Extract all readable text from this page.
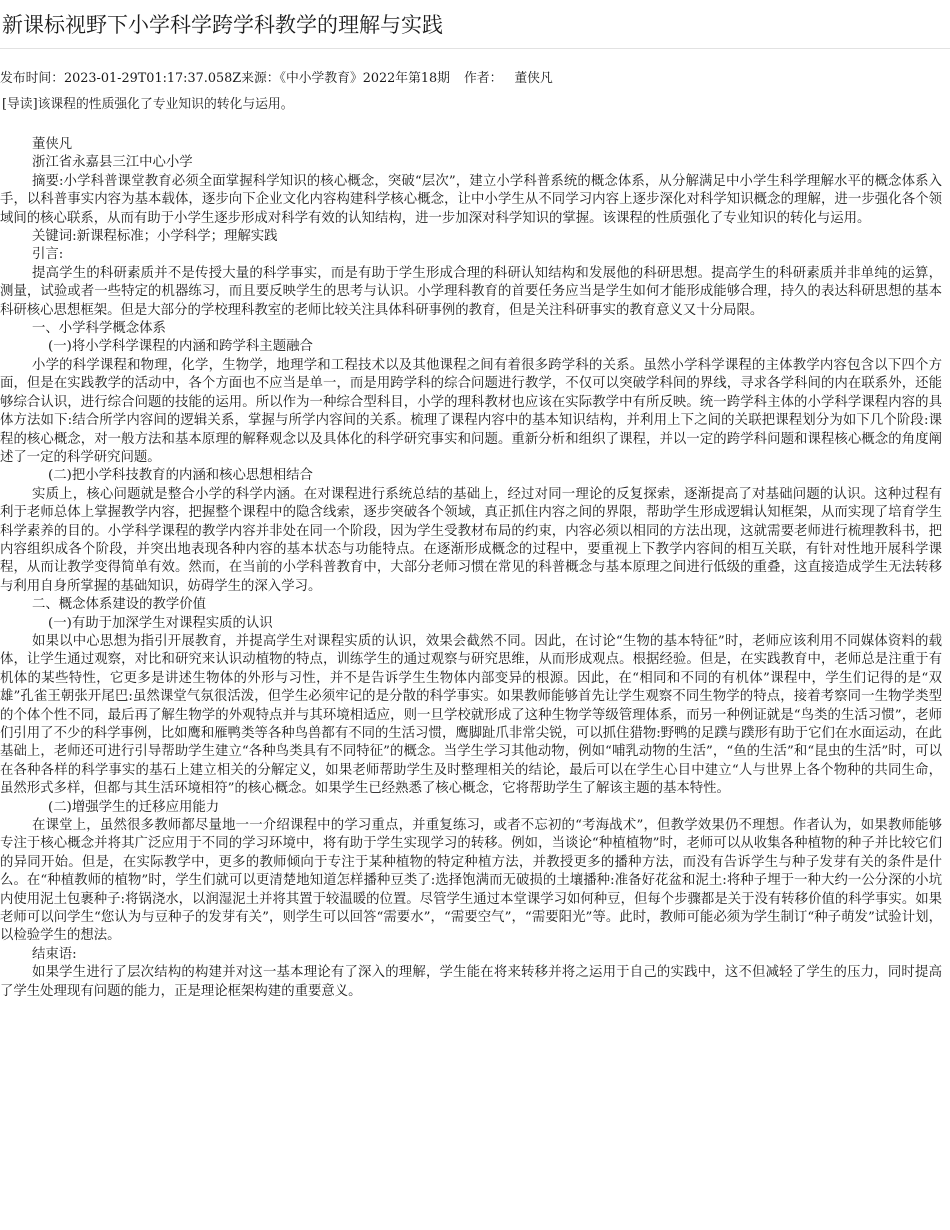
新课标视野下小学科学跨学科教学的理解与实践
发布时间：2023-01-29T01:17:37.058Z来源：《中小学教育》2022年第18期 作者： 董侠凡
[导读]该课程的性质强化了专业知识的转化与运用。

董侠凡

浙江省永嘉县三江中心小学

摘要:小学科普课堂教育必须全面掌握科学知识的核心概念，突破“层次”，建立小学科普系统的概念体系，从分解满足中小学生科学理解水平的概念体系入手，以科普事实内容为基本载体，逐步向下企业文化内容构建科学核心概念，让中小学生从不同学习内容上逐步深化对科学知识概念的理解，进一步强化各个领域间的核心联系，从而有助于小学生逐步形成对科学有效的认知结构，进一步加深对科学知识的掌握。该课程的性质强化了专业知识的转化与运用。

关键词:新课程标准；小学科学；理解实践

引言:

提高学生的科研素质并不是传授大量的科学事实，而是有助于学生形成合理的科研认知结构和发展他的科研思想。提高学生的科研素质并非单纯的运算，测量，试验或者一些特定的机器练习，而且要反映学生的思考与认识。小学理科教育的首要任务应当是学生如何才能形成能够合理，持久的表达科研思想的基本科研核心思想框架。但是大部分的学校理科教室的老师比较关注具体科研事例的教育，但是关注科研事实的教育意义又十分局限。

一、小学科学概念体系

(一)将小学科学课程的内涵和跨学科主题融合

小学的科学课程和物理，化学，生物学，地理学和工程技术以及其他课程之间有着很多跨学科的关系。虽然小学科学课程的主体教学内容包含以下四个方面，但是在实践教学的活动中，各个方面也不应当是单一，而是用跨学科的综合问题进行教学，不仅可以突破学科间的界线，寻求各学科间的内在联系外，还能够综合认识，进行综合问题的技能的运用。所以作为一种综合型科目，小学的理科教材也应该在实际教学中有所反映。统一跨学科主体的小学科学课程内容的具体方法如下:结合所学内容间的逻辑关系，掌握与所学内容间的关系。梳理了课程内容中的基本知识结构，并利用上下之间的关联把课程划分为如下几个阶段:课程的核心概念，对一般方法和基本原理的解释观念以及具体化的科学研究事实和问题。重新分析和组织了课程，并以一定的跨学科问题和课程核心概念的角度阐述了一定的科学研究问题。

(二)把小学科技教育的内涵和核心思想相结合

实质上，核心问题就是整合小学的科学内涵。在对课程进行系统总结的基础上，经过对同一理论的反复探索，逐渐提高了对基础问题的认识。这种过程有利于老师总体上掌握教学内容，把握整个课程中的隐含线索，逐步突破各个领域，真正抓住内容之间的界限，帮助学生形成逻辑认知框架，从而实现了培育学生科学素养的目的。小学科学课程的教学内容并非处在同一个阶段，因为学生受教材布局的约束，内容必须以相同的方法出现，这就需要老师进行梳理教科书，把内容组织成各个阶段，并突出地表现各种内容的基本状态与功能特点。在逐渐形成概念的过程中，要重视上下教学内容间的相互关联，有针对性地开展科学课程，从而让教学变得简单有效。然而，在当前的小学科普教育中，大部分老师习惯在常见的科普概念与基本原理之间进行低级的重叠，这直接造成学生无法转移与利用自身所掌握的基础知识，妨碍学生的深入学习。

二、概念体系建设的教学价值

(一)有助于加深学生对课程实质的认识

如果以中心思想为指引开展教育，并提高学生对课程实质的认识，效果会截然不同。因此，在讨论“生物的基本特征”时，老师应该利用不同媒体资料的载体，让学生通过观察，对比和研究来认识动植物的特点，训练学生的通过观察与研究思维，从而形成观点。根据经验。但是，在实践教育中，老师总是注重于有机体的某些特性，它更多是讲述生物体的外形与习性，并不是告诉学生生物体内部变异的根源。因此，在“相同和不同的有机体”课程中，学生们记得的是“双雄”孔雀王朝张开尾巴:虽然课堂气氛很活泼，但学生必须牢记的是分散的科学事实。如果教师能够首先让学生观察不同生物学的特点，接着考察同一生物学类型的个体个性不同，最后再了解生物学的外观特点并与其环境相适应，则一旦学校就形成了这种生物学等级管理体系，而另一种例证就是“鸟类的生活习惯”，老师们引用了不少的科学事例，比如鹰和雁鸭类等各种鸟兽都有不同的生活习惯，鹰脚趾爪非常尖锐，可以抓住猎物:野鸭的足蹼与蹼形有助于它们在水面运动，在此基础上，老师还可进行引导帮助学生建立“各种鸟类具有不同特征”的概念。当学生学习其他动物，例如“哺乳动物的生活”，“鱼的生活”和“昆虫的生活”时，可以在各种各样的科学事实的基石上建立相关的分解定义，如果老师帮助学生及时整理相关的结论，最后可以在学生心目中建立“人与世界上各个物种的共同生命，虽然形式多样，但都与其生活环境相符”的核心概念。如果学生已经熟悉了核心概念，它将帮助学生了解该主题的基本特性。

(二)增强学生的迁移应用能力

在课堂上，虽然很多教师都尽量地一一介绍课程中的学习重点，并重复练习，或者不忘初的“考海战术”，但教学效果仍不理想。作者认为，如果教师能够专注于核心概念并将其广泛应用于不同的学习环境中，将有助于学生实现学习的转移。例如，当谈论“种植植物”时，老师可以从收集各种植物的种子并比较它们的异同开始。但是，在实际教学中，更多的教师倾向于专注于某种植物的特定种植方法，并教授更多的播种方法，而没有告诉学生与种子发芽有关的条件是什么。在“种植教师的植物”时，学生们就可以更清楚地知道怎样播种豆类了:选择饱满而无破损的土壤播种:准备好花盆和泥土:将种子埋于一种大约一公分深的小坑内使用泥土包裹种子:将锅浇水，以润湿泥土并将其置于较温暖的位置。尽管学生通过本堂课学习如何种豆，但每个步骤都是关于没有转移价值的科学事实。如果老师可以问学生“您认为与豆种子的发芽有关”，则学生可以回答“需要水”，“需要空气”，“需要阳光”等。此时，教师可能必须为学生制订“种子萌发”试验计划，以检验学生的想法。

结束语:

如果学生进行了层次结构的构建并对这一基本理论有了深入的理解，学生能在将来转移并将之运用于自己的实践中，这不但减轻了学生的压力，同时提高了学生处理现有问题的能力，正是理论框架构建的重要意义。
